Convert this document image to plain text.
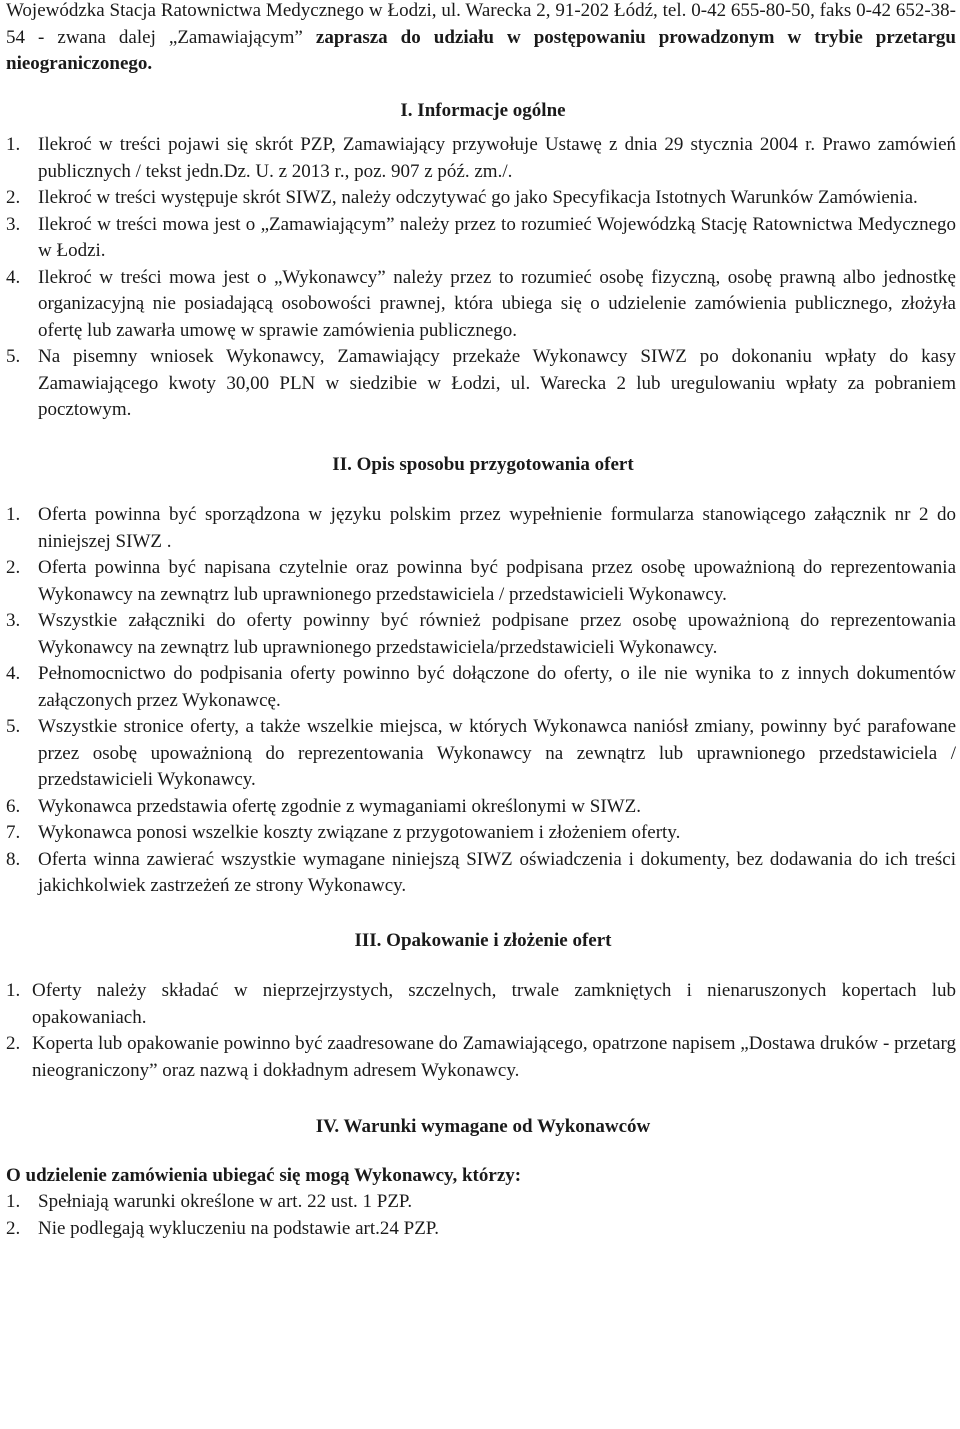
Wojewódzka Stacja Ratownictwa Medycznego w Łodzi, ul. Warecka 2, 91-202 Łódź, tel. 0-42 655-80-50, faks 0-42 652-38-54 - zwana dalej „Zamawiającym” zaprasza do udziału w postępowaniu prowadzonym w trybie przetargu nieograniczonego.

I. Informacje ogólne
1. Ilekroć w treści pojawi się skrót PZP, Zamawiający przywołuje Ustawę z dnia 29 stycznia 2004 r. Prawo zamówień publicznych / tekst jedn.Dz. U. z 2013 r., poz. 907 z póź. zm./.
2. Ilekroć w treści występuje skrót SIWZ, należy odczytywać go jako Specyfikacja Istotnych Warunków Zamówienia.
3. Ilekroć w treści mowa jest o „Zamawiającym” należy przez to rozumieć Wojewódzką Stację Ratownictwa Medycznego w Łodzi.
4. Ilekroć w treści mowa jest o „Wykonawcy” należy przez to rozumieć osobę fizyczną, osobę prawną albo jednostkę organizacyjną nie posiadającą osobowości prawnej, która ubiega się o udzielenie zamówienia publicznego, złożyła ofertę lub zawarła umowę w sprawie zamówienia publicznego.
5. Na pisemny wniosek Wykonawcy, Zamawiający przekaże Wykonawcy SIWZ po dokonaniu wpłaty do kasy Zamawiającego kwoty 30,00 PLN w siedzibie w Łodzi, ul. Warecka 2 lub uregulowaniu wpłaty za pobraniem pocztowym.
II. Opis sposobu przygotowania ofert
1. Oferta powinna być sporządzona w języku polskim przez wypełnienie formularza stanowiącego załącznik nr 2 do niniejszej SIWZ .
2. Oferta powinna być napisana czytelnie oraz powinna być podpisana przez osobę upoważnioną do reprezentowania Wykonawcy na zewnątrz lub uprawnionego przedstawiciela / przedstawicieli Wykonawcy.
3. Wszystkie załączniki do oferty powinny być również podpisane przez osobę upoważnioną do reprezentowania Wykonawcy na zewnątrz lub uprawnionego przedstawiciela/przedstawicieli Wykonawcy.
4. Pełnomocnictwo do podpisania oferty powinno być dołączone do oferty, o ile nie wynika to z innych dokumentów załączonych przez Wykonawcę.
5. Wszystkie stronice oferty, a także wszelkie miejsca, w których Wykonawca naniósł zmiany, powinny być parafowane przez osobę upoważnioną do reprezentowania Wykonawcy na zewnątrz lub uprawnionego przedstawiciela / przedstawicieli Wykonawcy.
6. Wykonawca przedstawia ofertę zgodnie z wymaganiami określonymi w SIWZ.
7. Wykonawca ponosi wszelkie koszty związane z przygotowaniem i złożeniem oferty.
8. Oferta winna zawierać wszystkie wymagane niniejszą SIWZ oświadczenia i dokumenty, bez dodawania do ich treści jakichkolwiek zastrzeżeń ze strony Wykonawcy.
III. Opakowanie i złożenie ofert
1. Oferty należy składać w nieprzejrzystych, szczelnych, trwale zamkniętych i nienaruszonych kopertach lub opakowaniach.
2. Koperta lub opakowanie powinno być zaadresowane do Zamawiającego, opatrzone napisem „Dostawa druków - przetarg nieograniczony” oraz nazwą i dokładnym adresem Wykonawcy.
IV. Warunki wymagane od Wykonawców

O udzielenie zamówienia ubiegać się mogą Wykonawcy, którzy:

1. Spełniają warunki określone w art. 22 ust. 1 PZP.
2. Nie podlegają wykluczeniu na podstawie art.24 PZP.
